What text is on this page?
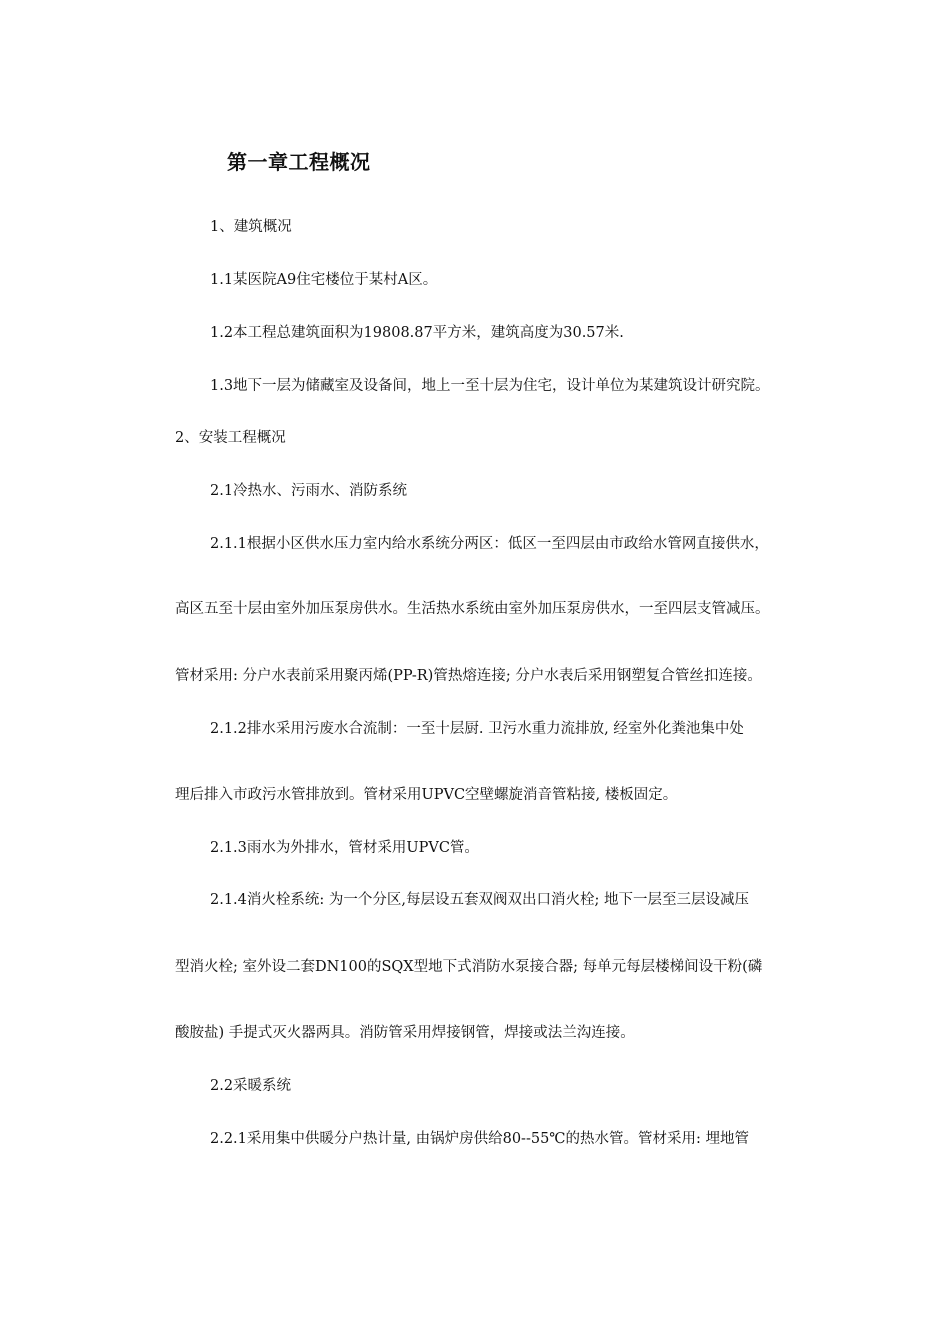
第一章工程概况
1、建筑概况
1.1某医院A9住宅楼位于某村A区。
1.2本工程总建筑面积为19808.87平方米，建筑高度为30.57米.
1.3地下一层为储藏室及设备间，地上一至十层为住宅，设计单位为某建筑设计研究院。
2、安装工程概况
2.1冷热水、污雨水、消防系统
2.1.1根据小区供水压力室内给水系统分两区：低区一至四层由市政给水管网直接供水，
高区五至十层由室外加压泵房供水。生活热水系统由室外加压泵房供水，一至四层支管减压。
管材采用: 分户水表前采用聚丙烯(PP-R)管热熔连接; 分户水表后采用钢塑复合管丝扣连接。
2.1.2排水采用污废水合流制：一至十层厨. 卫污水重力流排放, 经室外化粪池集中处
理后排入市政污水管排放到。管材采用UPVC空壁螺旋消音管粘接, 楼板固定。
2.1.3雨水为外排水，管材采用UPVC管。
2.1.4消火栓系统: 为一个分区,每层设五套双阀双出口消火栓; 地下一层至三层设减压
型消火栓; 室外设二套DN100的SQX型地下式消防水泵接合器; 每单元每层楼梯间设干粉(磷
酸胺盐) 手提式灭火器两具。消防管采用焊接钢管，焊接或法兰沟连接。
2.2采暖系统
2.2.1采用集中供暖分户热计量, 由锅炉房供给80--55℃的热水管。管材采用: 埋地管
